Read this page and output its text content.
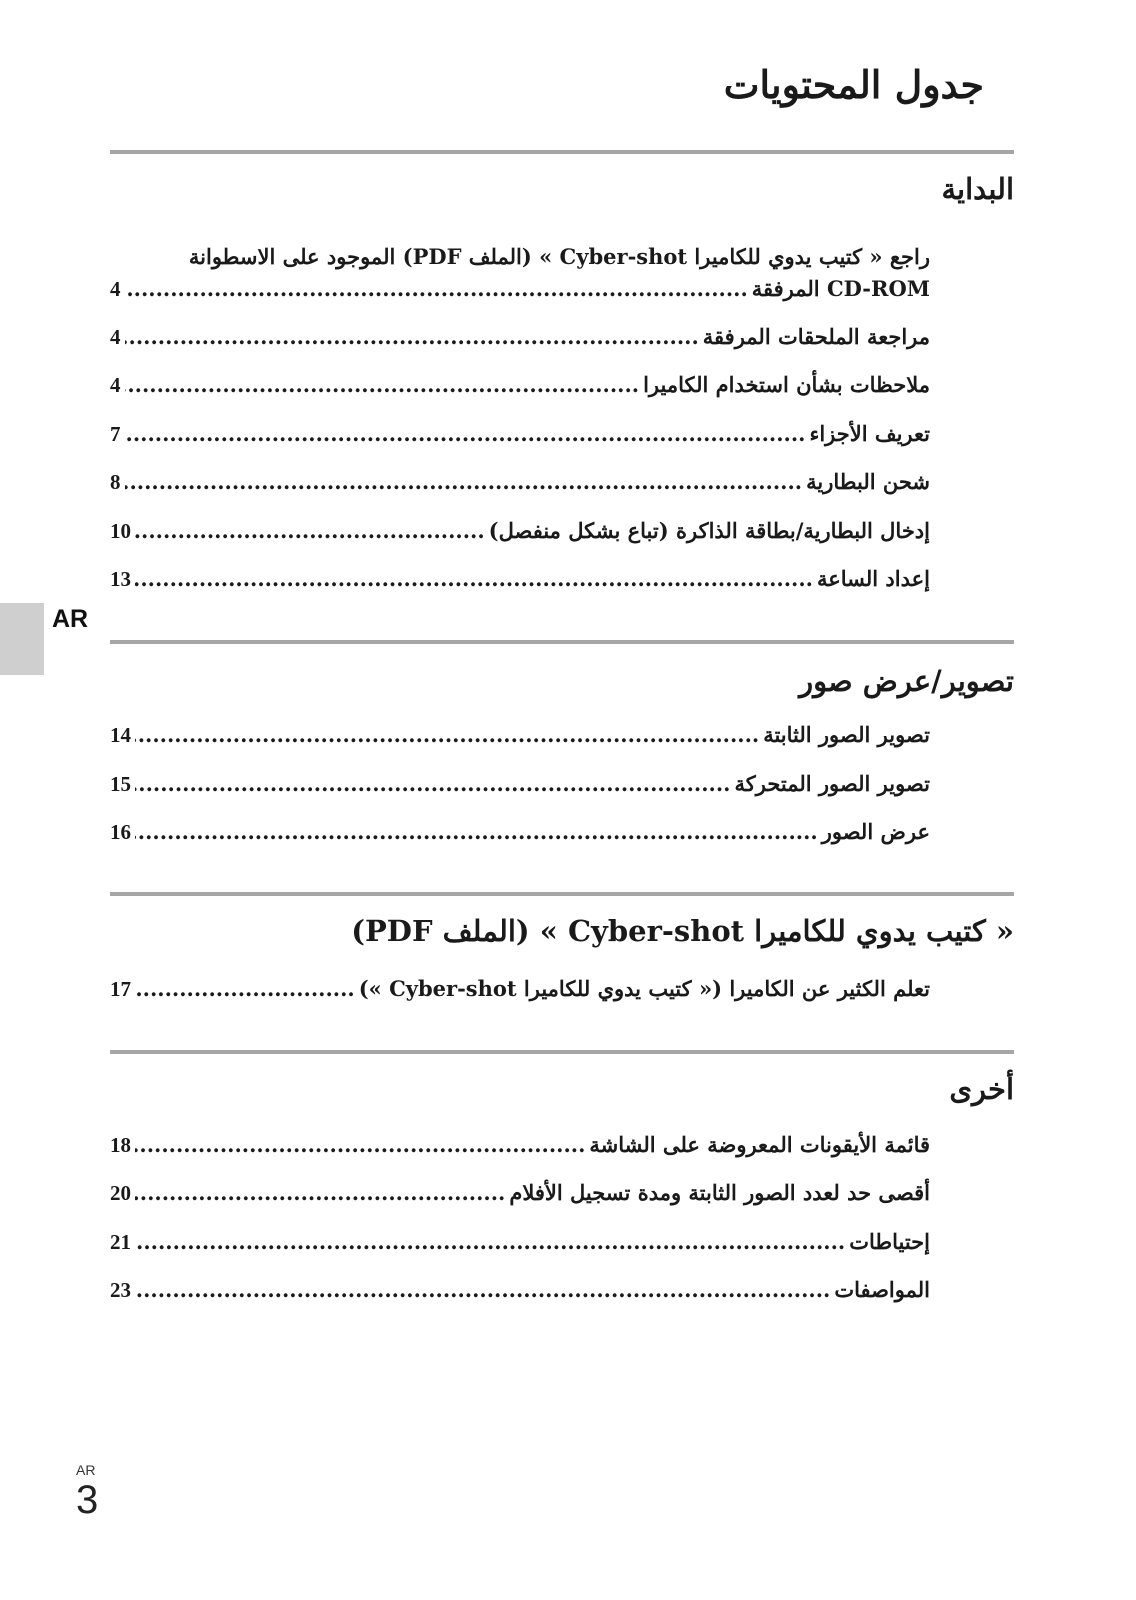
جدول المحتويات
البداية
راجع « كتيب يدوي للكاميرا Cyber-shot » (الملف PDF) الموجود على الاسطوانة
CD-ROM المرفقة
.....
4
مراجعة الملحقات المرفقة
.....
4
ملاحظات بشأن استخدام الكاميرا
.....
4
تعريف الأجزاء
.....
7
شحن البطارية
.....
8
إدخال البطارية/بطاقة الذاكرة (تباع بشكل منفصل)
.....
10
إعداد الساعة
.....
13
AR
تصوير/عرض صور
تصوير الصور الثابتة
.....
14
تصوير الصور المتحركة
.....
15
عرض الصور
.....
16
« كتيب يدوي للكاميرا Cyber-shot » (الملف PDF)
تعلم الكثير عن الكاميرا (« كتيب يدوي للكاميرا Cyber-shot »)
.....
17
أخرى
قائمة الأيقونات المعروضة على الشاشة
.....
18
أقصى حد لعدد الصور الثابتة ومدة تسجيل الأفلام
.....
20
إحتياطات
.....
21
المواصفات
.....
23
AR
3
